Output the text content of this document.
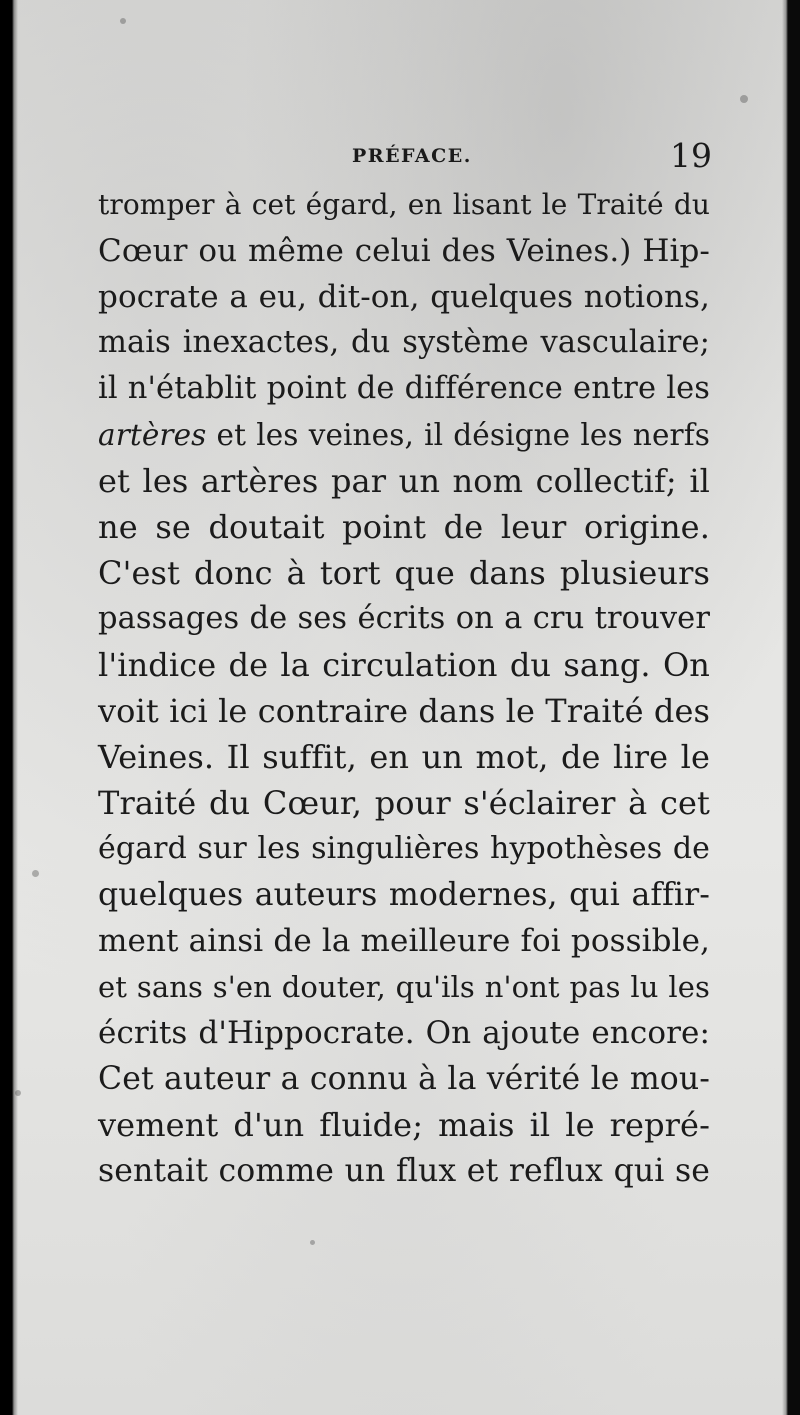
PRÉFACE.	19
tromper à cet égard, en lisant le Traité du
Cœur ou même celui des Veines.) Hip-
pocrate a eu, dit-on, quelques notions,
mais inexactes, du système vasculaire;
il n'établit point de différence entre les
artères et les veines, il désigne les nerfs
et les artères par un nom collectif; il
ne se doutait point de leur origine.
C'est donc à tort que dans plusieurs
passages de ses écrits on a cru trouver
l'indice de la circulation du sang. On
voit ici le contraire dans le Traité des
Veines. Il suffit, en un mot, de lire le
Traité du Cœur, pour s'éclairer à cet
égard sur les singulières hypothèses de
quelques auteurs modernes, qui affir-
ment ainsi de la meilleure foi possible,
et sans s'en douter, qu'ils n'ont pas lu les
écrits d'Hippocrate. On ajoute encore:
Cet auteur a connu à la vérité le mou-
vement d'un fluide; mais il le repré-
sentait comme un flux et reflux qui se
